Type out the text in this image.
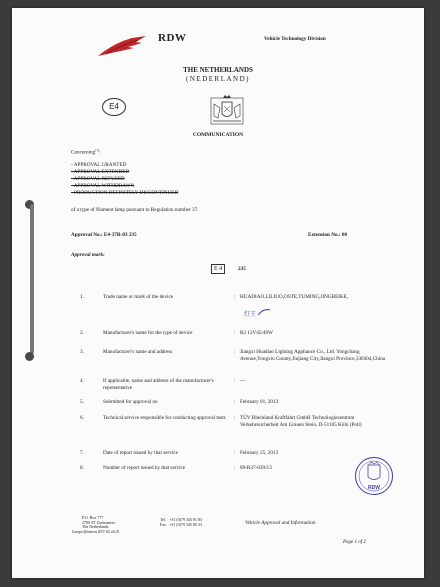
RDW	Vehicle Technology Division
THE NETHERLANDS
(NEDERLAND)
E4
COMMUNICATION
Concerning$^{(1)}$:
- APPROVAL GRANTED
- APPROVAL EXTENDED
- APPROVAL REFUSED
- APPROVAL WITHDRAWN
- PRODUCTION DEFINITELY DISCONTINUED
of a type of filament lamp pursuant to Regulation number 37.
Approval No.: E4-37R-03 235	Extension No.: 00
Approval mark:
E 4	235
1.	Trade name or mark of the device	: HUADIAO,LILIUO,OSTE,TUMING,JINGBEIKE,
灯王
2.	Manufacturer's name for the type of device	: R2 12V45/40W
3.	Manufacturer's name and address	: Jiangxi Huadiao Lighting Appliance Co., Ltd. Yongchang Avenue,Yongxiu County,Jiujiang City,Jiangxi Province,330304,China
4.	If applicable, name and address of the manufacturer's representative
: ---
5.	Submitted for approval on	: February 01, 2013
6.	Technical service responsible for conducting approval tests	: TÜV Rheinland Kraftfahrt GmbH Technologiezentrum Verkehrssicherheit Am Grauen Stein, D-51105 Köln (Poll)
7.	Date of report issued by that service	: February 25, 2013
8.	Number of report issued by that service	: 89-R37-039/13
RDW
P.O. Box 777
2700 AT Zoetermeer
The Netherlands
Lampe/filament R37-02 v6.01
Tel. +31 (0)79 345 81 83
Fax +31 (0)79 345 80 33	Vehicle Approval and Information
Page 1 of 2
